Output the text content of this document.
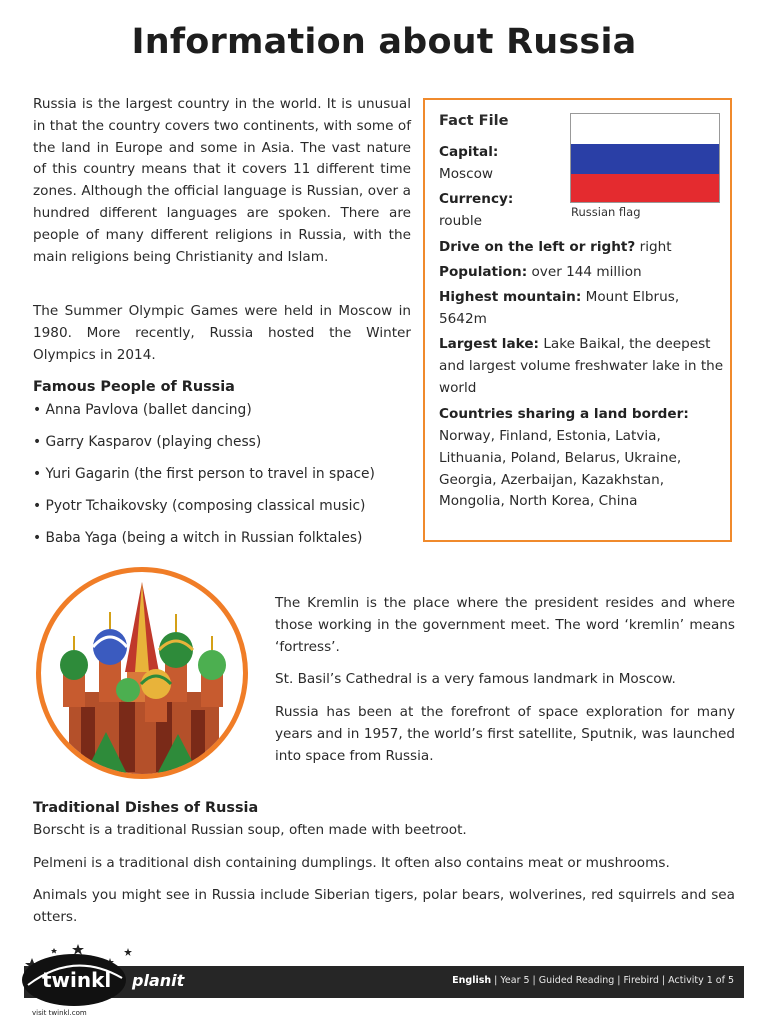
Information about Russia

Russia is the largest country in the world. It is unusual in that the country covers two continents, with some of the land in Europe and some in Asia. The vast nature of this country means that it covers 11 different time zones. Although the official language is Russian, over a hundred different languages are spoken. There are people of many different religions in Russia, with the main religions being Christianity and Islam.

The Summer Olympic Games were held in Moscow in 1980. More recently, Russia hosted the Winter Olympics in 2014.

Famous People of Russia

• Anna Pavlova (ballet dancing)

• Garry Kasparov (playing chess)

• Yuri Gagarin (the first person to travel in space)

• Pyotr Tchaikovsky (composing classical music)

• Baba Yaga (being a witch in Russian folktales)

Fact File

Capital:

Moscow

Currency:

rouble

Russian flag

Drive on the left or right? right

Population: over 144 million

Highest mountain: Mount Elbrus, 5642m

Largest lake: Lake Baikal, the deepest and largest volume freshwater lake in the world

Countries sharing a land border:

Norway, Finland, Estonia, Latvia, Lithuania, Poland, Belarus, Ukraine, Georgia, Azerbaijan, Kazakhstan, Mongolia, North Korea, China

The Kremlin is the place where the president resides and where those working in the government meet. The word ‘kremlin’ means ‘fortress’.

St. Basil’s Cathedral is a very famous landmark in Moscow.

Russia has been at the forefront of space exploration for many years and in 1957, the world’s first satellite, Sputnik, was launched into space from Russia.

Traditional Dishes of Russia

Borscht is a traditional Russian soup, often made with beetroot.

Pelmeni is a traditional dish containing dumplings. It often also contains meat or mushrooms.

Animals you might see in Russia include Siberian tigers, polar bears, wolverines, red squirrels and sea otters.

English | Year 5 | Guided Reading | Firebird | Activity 1 of 5
twinkl planit
visit twinkl.com
